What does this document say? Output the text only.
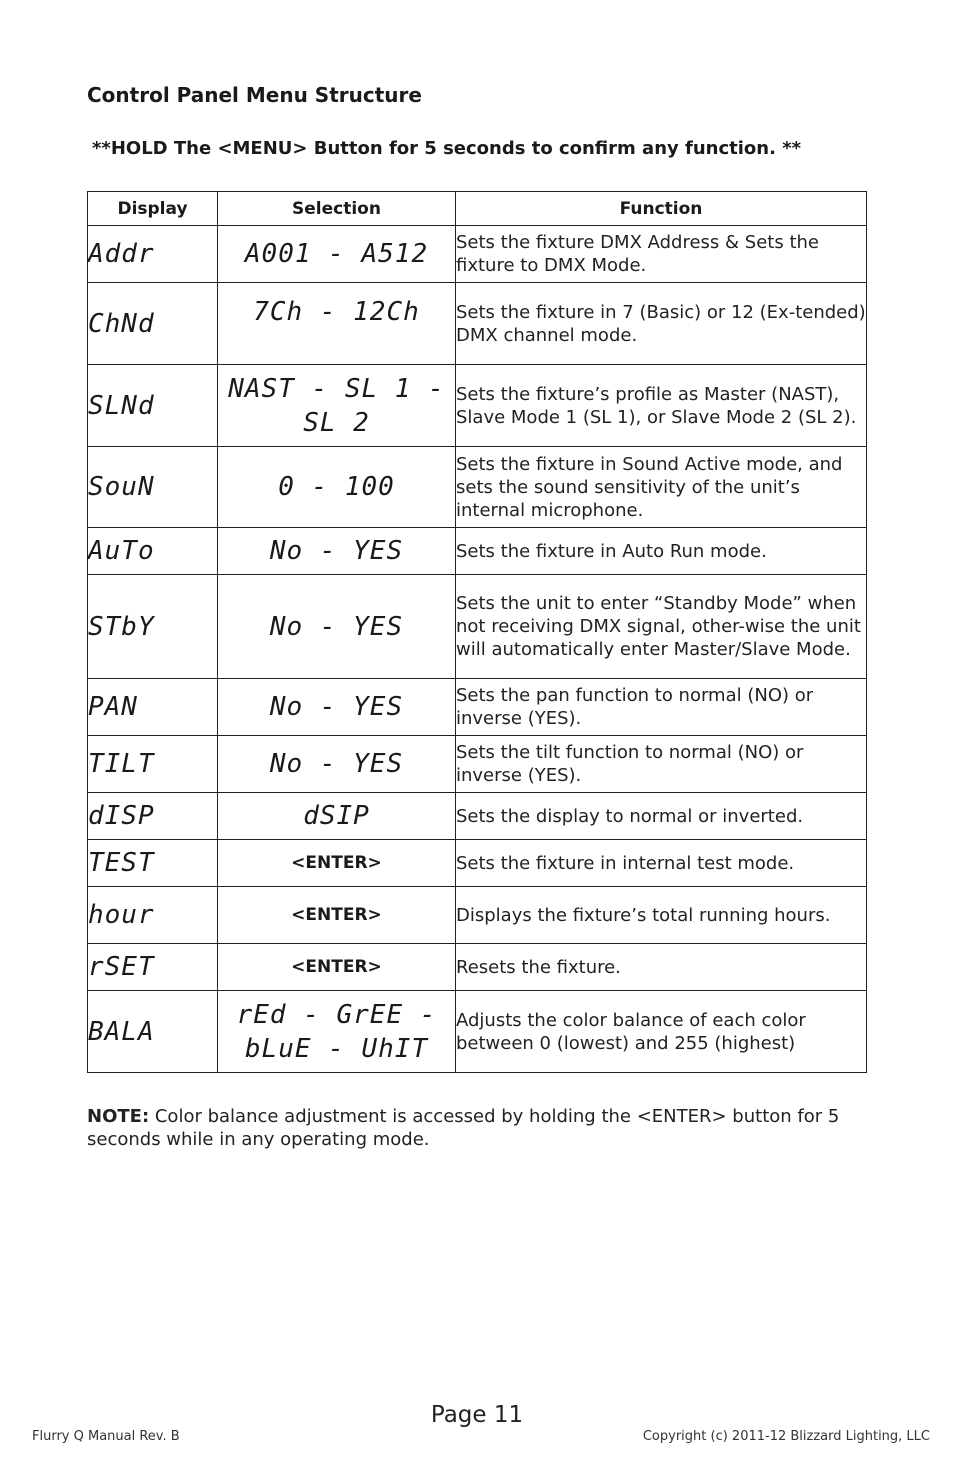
Control Panel Menu Structure
**HOLD The <MENU> Button for 5 seconds to confirm any function. **
Display	Selection	Function
Addr	A001 - A512	Sets the fixture DMX Address & Sets the fixture to DMX Mode.
ChNd	7Ch - 12Ch	Sets the fixture in 7 (Basic) or 12 (Ex-tended) DMX channel mode.
SLNd	NAST - SL 1 - SL 2	Sets the fixture’s profile as Master (NAST), Slave Mode 1 (SL 1), or Slave Mode 2 (SL 2).
SouN	0 - 100	Sets the fixture in Sound Active mode, and sets the sound sensitivity of the unit’s internal microphone.
AuTo	No - YES	Sets the fixture in Auto Run mode.
STbY	No - YES	Sets the unit to enter “Standby Mode” when not receiving DMX signal, other-wise the unit will automatically enter Master/Slave Mode.
PAN	No - YES	Sets the pan function to normal (NO) or inverse (YES).
TILT	No - YES	Sets the tilt function to normal (NO) or inverse (YES).
dISP	dSIP	Sets the display to normal or inverted.
TEST	<ENTER>	Sets the fixture in internal test mode.
hour	<ENTER>	Displays the fixture’s total running hours.
rSET	<ENTER>	Resets the fixture.
BALA	rEd - GrEE - bLuE - UhIT	Adjusts the color balance of each color between 0 (lowest) and 255 (highest)
NOTE: Color balance adjustment is accessed by holding the <ENTER> button for 5 seconds while in any operating mode.
Page 11
Flurry Q Manual Rev. B	Copyright (c) 2011-12 Blizzard Lighting, LLC
